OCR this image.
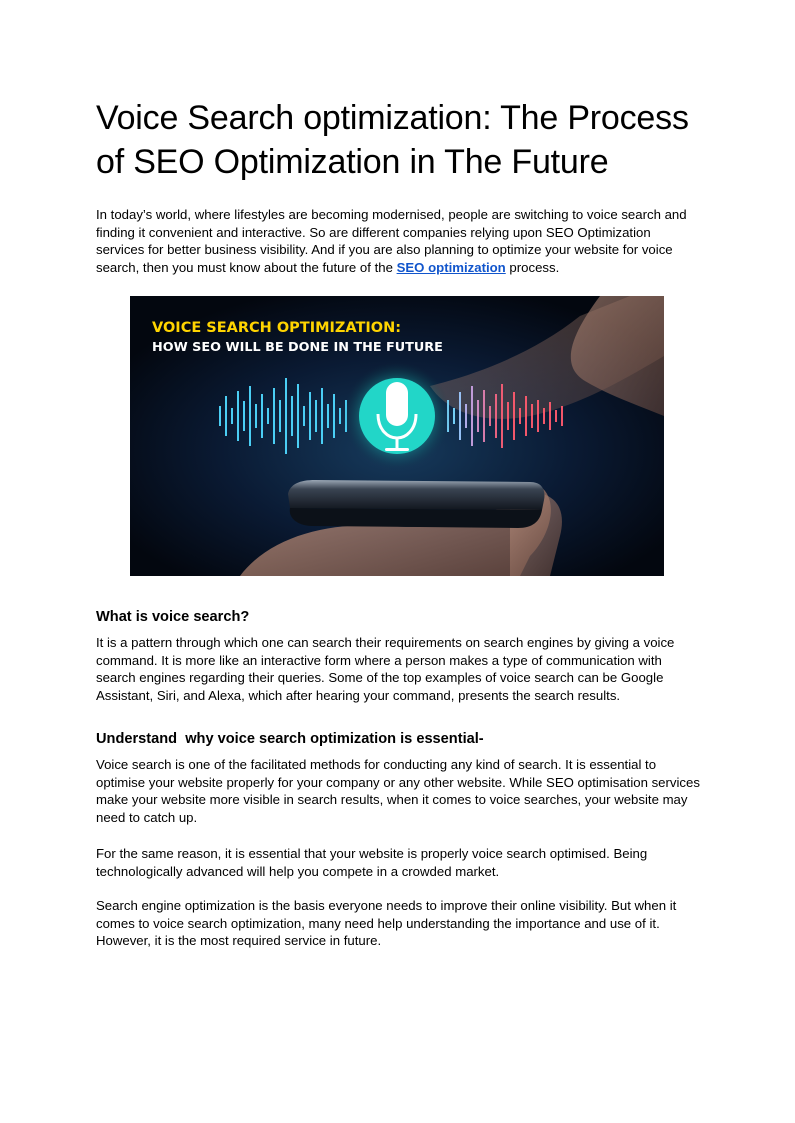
Voice Search optimization: The Process of SEO Optimization in The Future

In today’s world, where lifestyles are becoming modernised, people are switching to voice search and finding it convenient and interactive. So are different companies relying upon SEO Optimization services for better business visibility. And if you are also planning to optimize your website for voice search, then you must know about the future of the SEO optimization process.

VOICE SEARCH OPTIMIZATION:
HOW SEO WILL BE DONE IN THE FUTURE
What is voice search?

It is a pattern through which one can search their requirements on search engines by giving a voice command. It is more like an interactive form where a person makes a type of communication with search engines regarding their queries. Some of the top examples of voice search can be Google Assistant, Siri, and Alexa, which after hearing your command, presents the search results.

Understand  why voice search optimization is essential-

Voice search is one of the facilitated methods for conducting any kind of search. It is essential to optimise your website properly for your company or any other website. While SEO optimisation services make your website more visible in search results, when it comes to voice searches, your website may need to catch up.

For the same reason, it is essential that your website is properly voice search optimised. Being technologically advanced will help you compete in a crowded market.

Search engine optimization is the basis everyone needs to improve their online visibility. But when it comes to voice search optimization, many need help understanding the importance and use of it. However, it is the most required service in future.
